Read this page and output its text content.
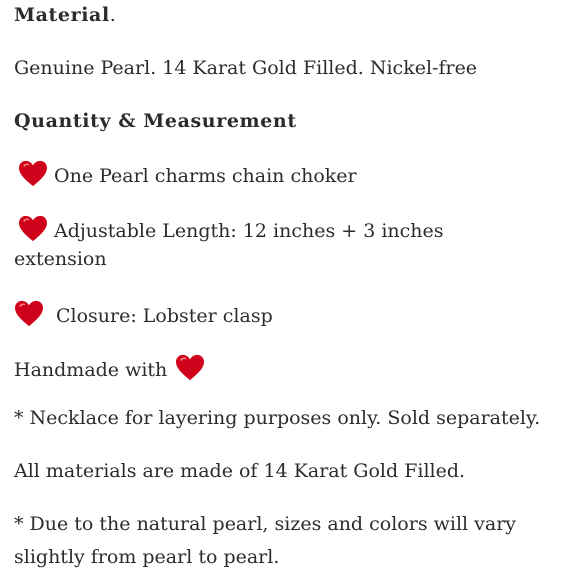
Material.
Genuine Pearl. 14 Karat Gold Filled. Nickel-free
Quantity & Measurement
One Pearl charms chain choker
Adjustable Length: 12 inches + 3 inches
extension
Closure: Lobster clasp
Handmade with
* Necklace for layering purposes only. Sold separately.
All materials are made of 14 Karat Gold Filled.
* Due to the natural pearl, sizes and colors will vary
slightly from pearl to pearl.
